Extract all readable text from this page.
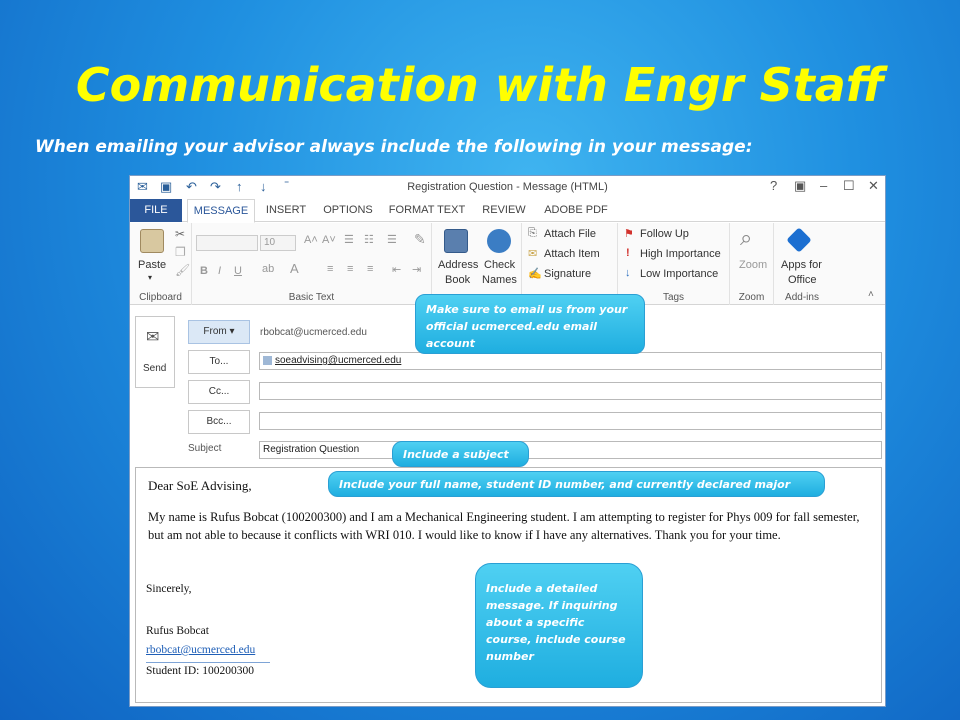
Communication with Engr Staff
When emailing your advisor always include the following in your message:
✉ ▣ ↶ ↷ ↑ ↓ ⁼	Registration Question - Message (HTML)	? ▣ – ☐ ✕
FILE	MESSAGE	INSERT	OPTIONS	FORMAT TEXT	REVIEW	ADOBE PDF
✂
❐
🖌
Paste
▾
Clipboard
10	A˄ A˅ ☰ ☷ ☰ ✎
B I U ab A	≡ ≡ ≡ ⇤ ⇥
Basic Text
Address
Book
Check
Names
⎘ Attach File
✉ Attach Item
✍ Signature
⚑ Follow Up
! High Importance
↓ Low Importance
Tags
⌕
Zoom
Zoom
Apps for
Office
Add-ins	˄
✉
Send
From ▾	rbobcat@ucmerced.edu
To...	soeadvising@ucmerced.edu
Cc...
Bcc...
Subject	Registration Question
Dear SoE Advising,
My name is Rufus Bobcat (100200300) and I am a Mechanical Engineering student. I am attempting to register for Phys 009 for fall semester, but am not able to because it conflicts with WRI 010. I would like to know if I have any alternatives. Thank you for your time.
Sincerely,
Rufus Bobcat
rbobcat@ucmerced.edu
Student ID: 100200300
Make sure to email us from your official ucmerced.edu email account
Include a subject
Include your full name, student ID number, and currently declared major
Include a detailed message. If inquiring about a specific course, include course number
